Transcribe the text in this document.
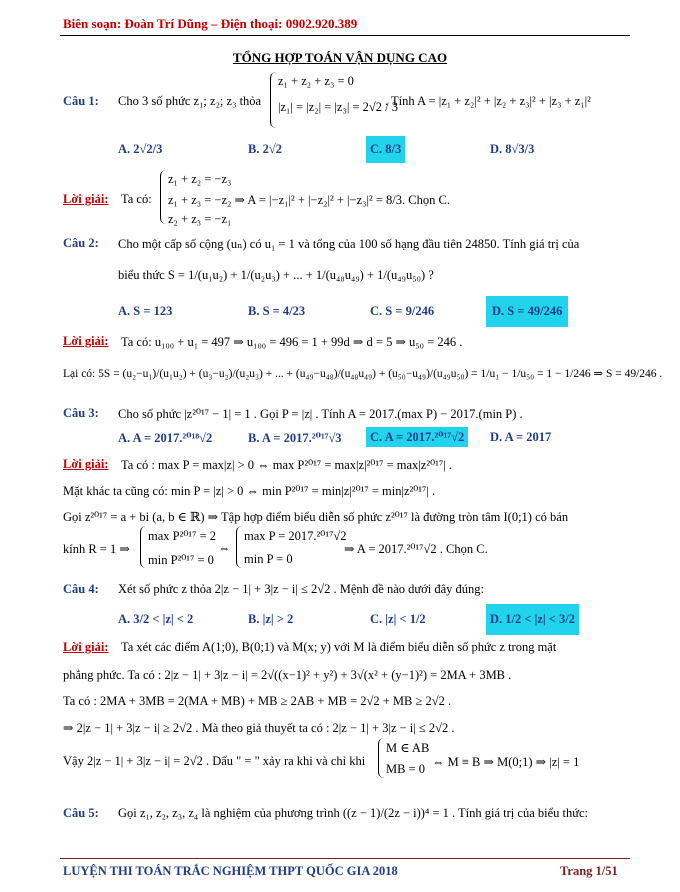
Biên soạn: Đoàn Trí Dũng – Điện thoại: 0902.920.389
TỔNG HỢP TOÁN VẬN DỤNG CAO
Câu 1: Cho 3 số phức z₁; z₂; z₃ thỏa
z₁ + z₂ + z₃ = 0
|z₁| = |z₂| = |z₃| = 2√2 / 3
. Tính A = |z₁ + z₂|² + |z₂ + z₃|² + |z₃ + z₁|²
A. 2√2/3	B. 2√2	C. 8/3	D. 8√3/3
Lời giải: Ta có:
z₁ + z₂ = −z₃
z₁ + z₃ = −z₂ ⇒ A = |−z₁|² + |−z₂|² + |−z₃|² = 8/3. Chọn C.
z₂ + z₃ = −z₁
Câu 2: Cho một cấp số cộng (uₙ) có u₁ = 1 và tổng của 100 số hạng đầu tiên 24850. Tính giá trị của
biểu thức S = 1/(u₁u₂) + 1/(u₂u₃) + ... + 1/(u₄₈u₄₉) + 1/(u₄₉u₅₀) ?
A. S = 123	B. S = 4/23	C. S = 9/246	D. S = 49/246
Lời giải: Ta có: u₁₀₀ + u₁ = 497 ⇒ u₁₀₀ = 496 = 1 + 99d ⇒ d = 5 ⇒ u₅₀ = 246 .
Lại có: 5S = (u₂−u₁)/(u₁u₂) + (u₃−u₂)/(u₂u₃) + ... + (u₄₉−u₄₈)/(u₄₈u₄₉) + (u₅₀−u₄₉)/(u₄₉u₅₀) = 1/u₁ − 1/u₅₀ = 1 − 1/246 ⇒ S = 49/246 .
Câu 3: Cho số phức |z²⁰¹⁷ − 1| = 1 . Gọi P = |z| . Tính A = 2017.(max P) − 2017.(min P) .
A. A = 2017.²⁰¹⁸√2	B. A = 2017.²⁰¹⁷√3	C. A = 2017.²⁰¹⁷√2	D. A = 2017
Lời giải: Ta có : max P = max|z| > 0 ⇔ max P²⁰¹⁷ = max|z|²⁰¹⁷ = max|z²⁰¹⁷| .
Mặt khác ta cũng có: min P = |z| > 0 ⇔ min P²⁰¹⁷ = min|z|²⁰¹⁷ = min|z²⁰¹⁷| .
Gọi z²⁰¹⁷ = a + bi (a, b ∈ ℝ) ⇒ Tập hợp điểm biểu diễn số phức z²⁰¹⁷ là đường tròn tâm I(0;1) có bán
kính R = 1 ⇒
max P²⁰¹⁷ = 2
min P²⁰¹⁷ = 0
⇔
max P = 2017.²⁰¹⁷√2
min P = 0
⇒ A = 2017.²⁰¹⁷√2 . Chọn C.
Câu 4: Xét số phức z thỏa 2|z − 1| + 3|z − i| ≤ 2√2 . Mệnh đề nào dưới đây đúng:
A. 3/2 < |z| < 2	B. |z| > 2	C. |z| < 1/2	D. 1/2 < |z| < 3/2
Lời giải: Ta xét các điểm A(1;0), B(0;1) và M(x; y) với M là điểm biểu diễn số phức z trong mặt
phẳng phức. Ta có : 2|z − 1| + 3|z − i| = 2√((x−1)² + y²) + 3√(x² + (y−1)²) = 2MA + 3MB .
Ta có : 2MA + 3MB = 2(MA + MB) + MB ≥ 2AB + MB = 2√2 + MB ≥ 2√2 .
⇒ 2|z − 1| + 3|z − i| ≥ 2√2 . Mà theo giả thuyết ta có : 2|z − 1| + 3|z − i| ≤ 2√2 .
Vậy 2|z − 1| + 3|z − i| = 2√2 . Dấu " = " xảy ra khi và chỉ khi
M ∈ AB
MB = 0 ⇔ M ≡ B ⇒ M(0;1) ⇒ |z| = 1
Câu 5: Gọi z₁, z₂, z₃, z₄ là nghiệm của phương trình ((z − 1)/(2z − i))⁴ = 1 . Tính giá trị của biểu thức:
LUYỆN THI TOÁN TRẮC NGHIỆM THPT QUỐC GIA 2018	Trang 1/51
